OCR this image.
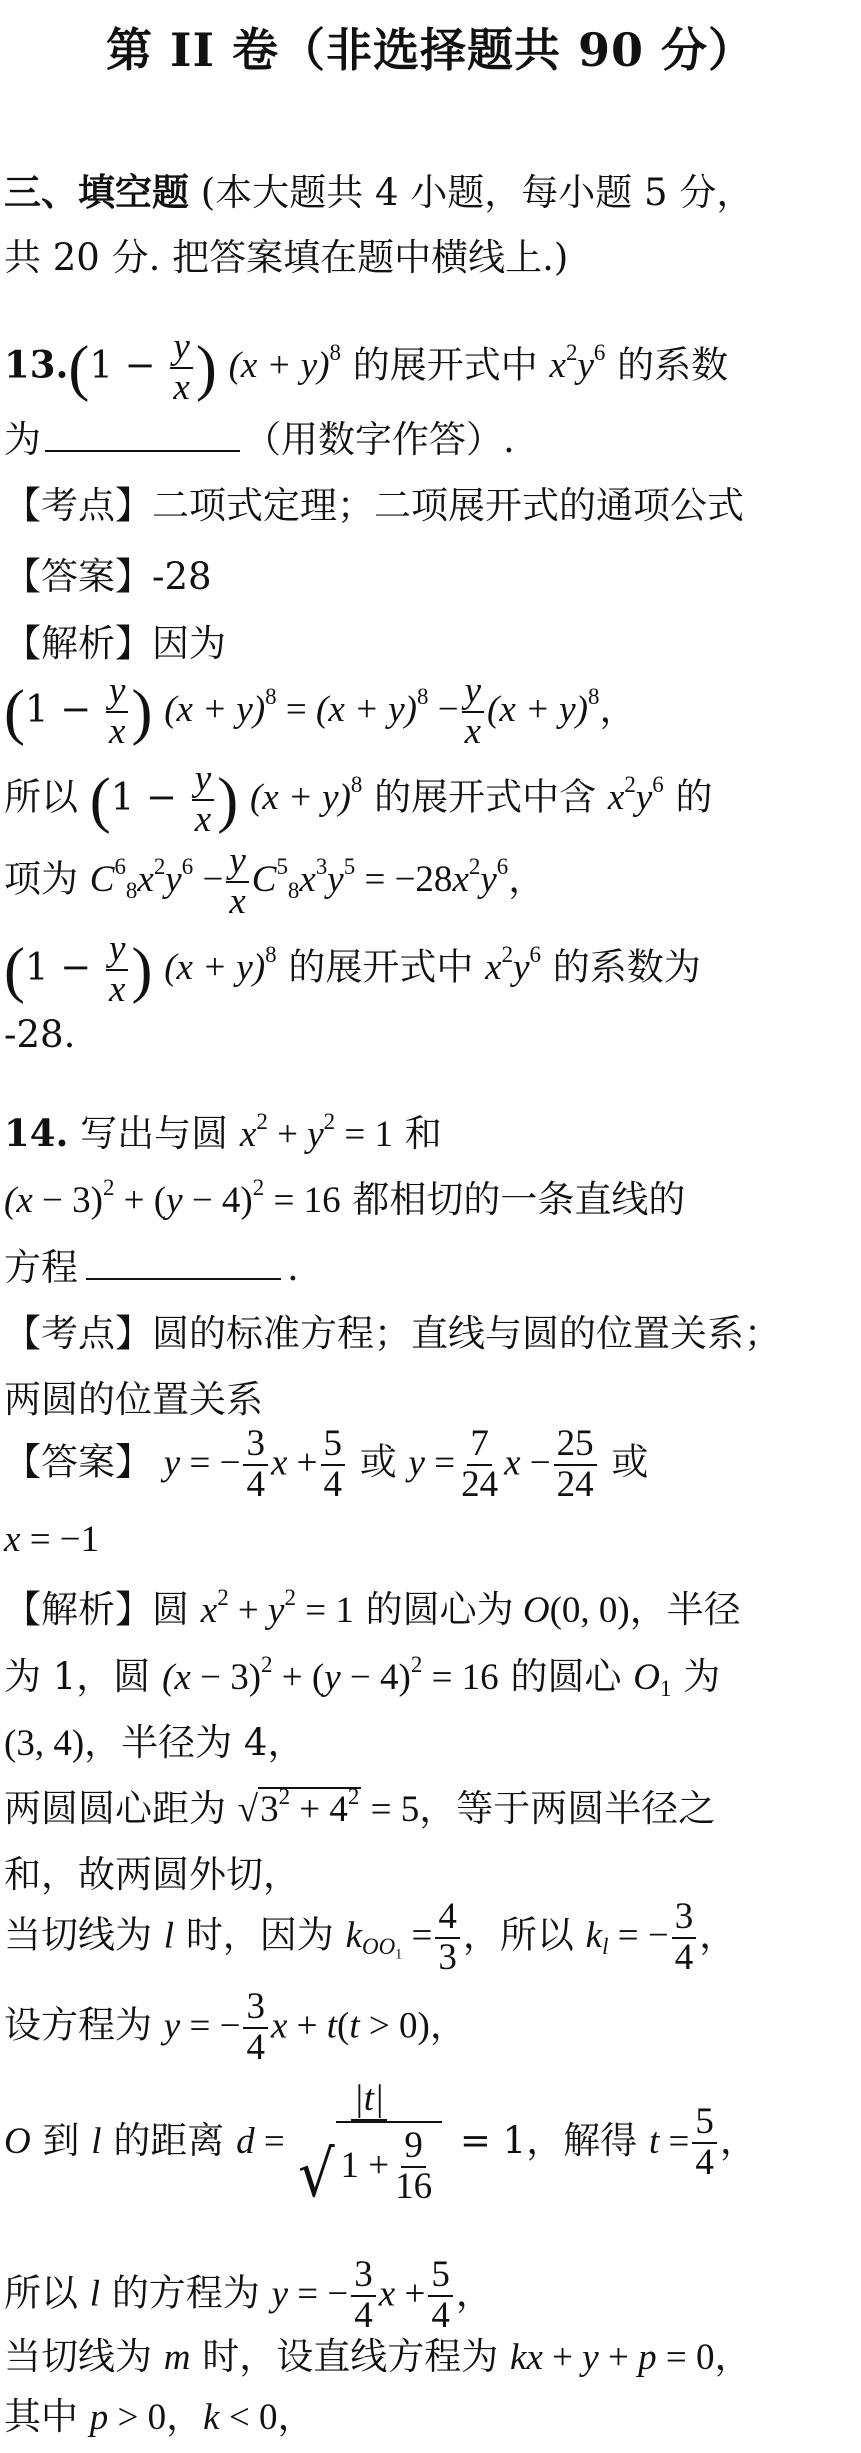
第 II 卷（非选择题共 90 分）
三、填空题 (本大题共 4 小题，每小题 5 分，
共 20 分. 把答案填在题中横线上.)
$13.(1 - \frac{y}{x}$ ) $(x + y)^8$ 的展开式中 $x^2y^6$ 的系数
为	（用数字作答）.
【考点】二项式定理；二项展开式的通项公式
【答案】-28
【解析】因为
($1 - \frac{y}{x}$ ) $(x + y)^8 = (x + y)^8 - \frac{y}{x} (x + y)^8$，
所以 ($1 - \frac{y}{x}$ ) $(x + y)^8$ 的展开式中含 $x^2y^6$ 的
项为 $C^6_8x^2y^6 - \frac{y}{x} C^5_8x^3y^5 = -28x^2y^6$，
($1 - \frac{y}{x}$ ) $(x + y)^8$ 的展开式中 $x^2y^6$ 的系数为
-28.
14. 写出与圆 $x^2 + y^2 = 1$ 和
$(x - 3)^2 + (y - 4)^2 = 16$ 都相切的一条直线的
方程	.
【考点】圆的标准方程；直线与圆的位置关系；
两圆的位置关系
【答案】 y = − $\frac{3}{4}$ $x + \frac{5}{4}$ 或 $y = \frac{7}{24}$ $x - \frac{25}{24}$ 或
x = −1
【解析】圆 $x^2 + y^2 = 1$ 的圆心为 O(0, 0)，半径
为 1，圆 $(x - 3)^2 + (y - 4)^2 = 16$ 的圆心 $O_1$ 为
(3, 4)，半径为 4，
两圆圆心距为 $√3^2 + 4^2 = 5$，等于两圆半径之
和，故两圆外切，
当切线为 l 时，因为 $k_{OO_1} = \frac{4}{3}$ ，所以 $k_l$ = − $\frac{3}{4}$ ，
设方程为 y = − $\frac{3}{4}$ x + t(t > 0)，
O 到 l 的距离 $d = \frac{|t|}{√ 1 + \frac{9}{16}} = 1$，解得 $t = \frac{5}{4}$ ，
所以 l 的方程为 y = − $\frac{3}{4}$ $x + \frac{5}{4}$ ，
当切线为 m 时，设直线方程为 kx + y + p = 0，
其中 p > 0，k < 0，
